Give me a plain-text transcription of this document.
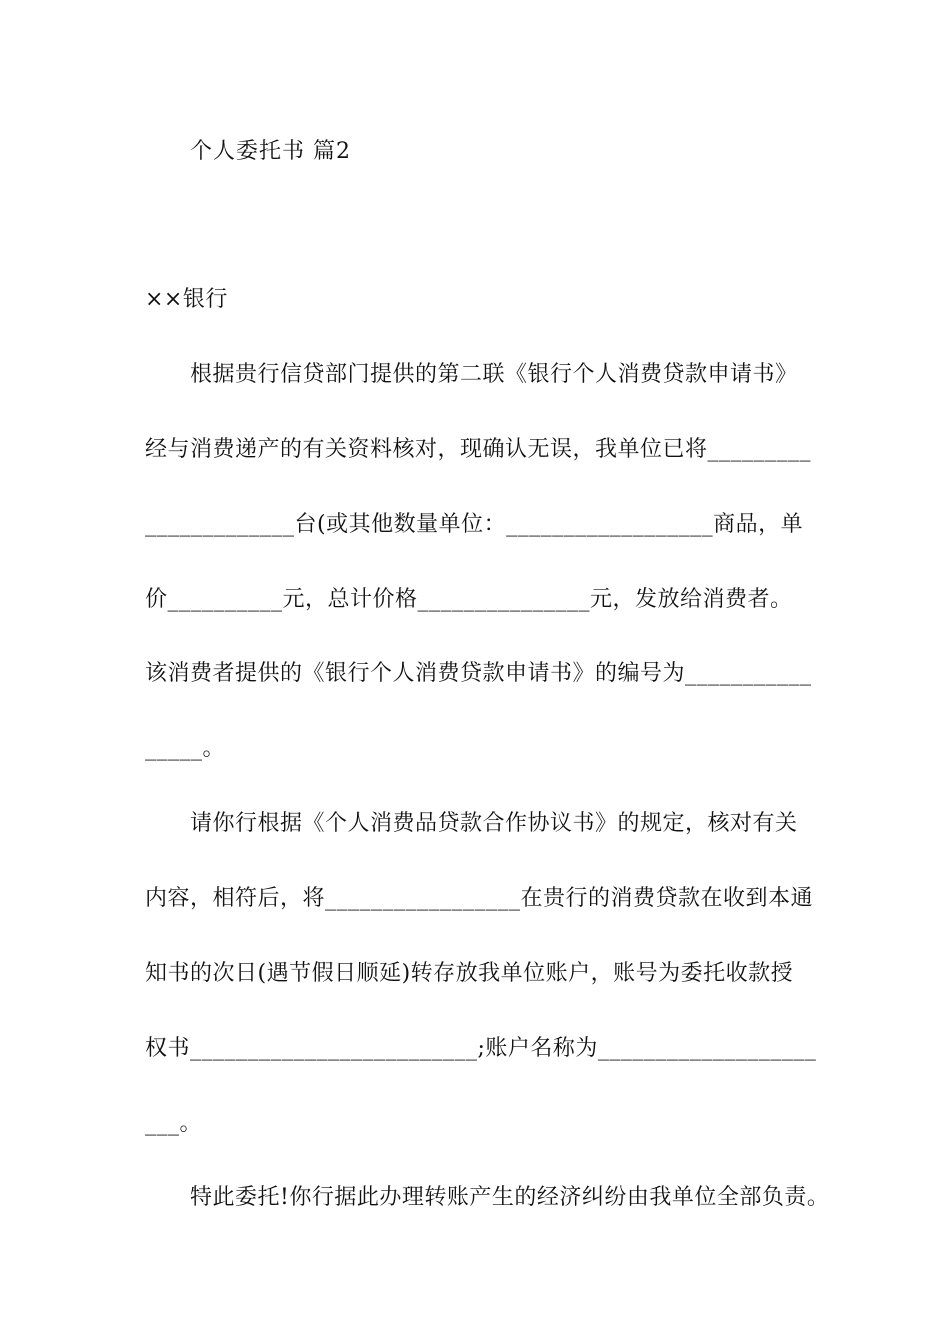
个人委托书 篇2
××银行
根据贵行信贷部门提供的第二联《银行个人消费贷款申请书》
经与消费递产的有关资料核对，现确认无误，我单位已将_________
_____________台(或其他数量单位：__________________商品，单
价__________元，总计价格_______________元，发放给消费者。
该消费者提供的《银行个人消费贷款申请书》的编号为___________
_____。
请你行根据《个人消费品贷款合作协议书》的规定，核对有关
内容，相符后，将_________________在贵行的消费贷款在收到本通
知书的次日(遇节假日顺延)转存放我单位账户，账号为委托收款授
权书_________________________;账户名称为___________________
___。
特此委托!你行据此办理转账产生的经济纠纷由我单位全部负责。
